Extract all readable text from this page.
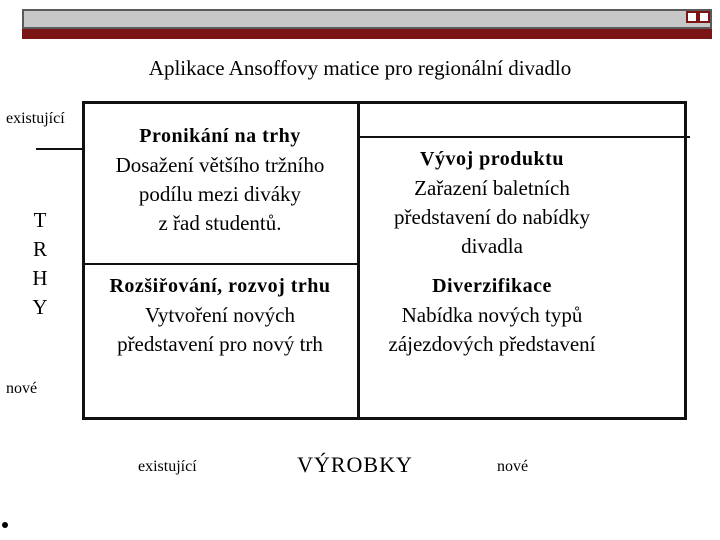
Aplikace Ansoffovy matice pro regionální divadlo
Pronikání na trhy
Dosažení většího tržního
podílu mezi diváky
z řad studentů.
Vývoj produktu
Zařazení baletních
představení do nabídky
divadla
Rozšiřování, rozvoj trhu
Vytvoření nových
představení pro nový trh
Diverzifikace
Nabídka nových typů
zájezdových představení
existující
T
R
H
Y
nové
existující	VÝROBKY	nové
